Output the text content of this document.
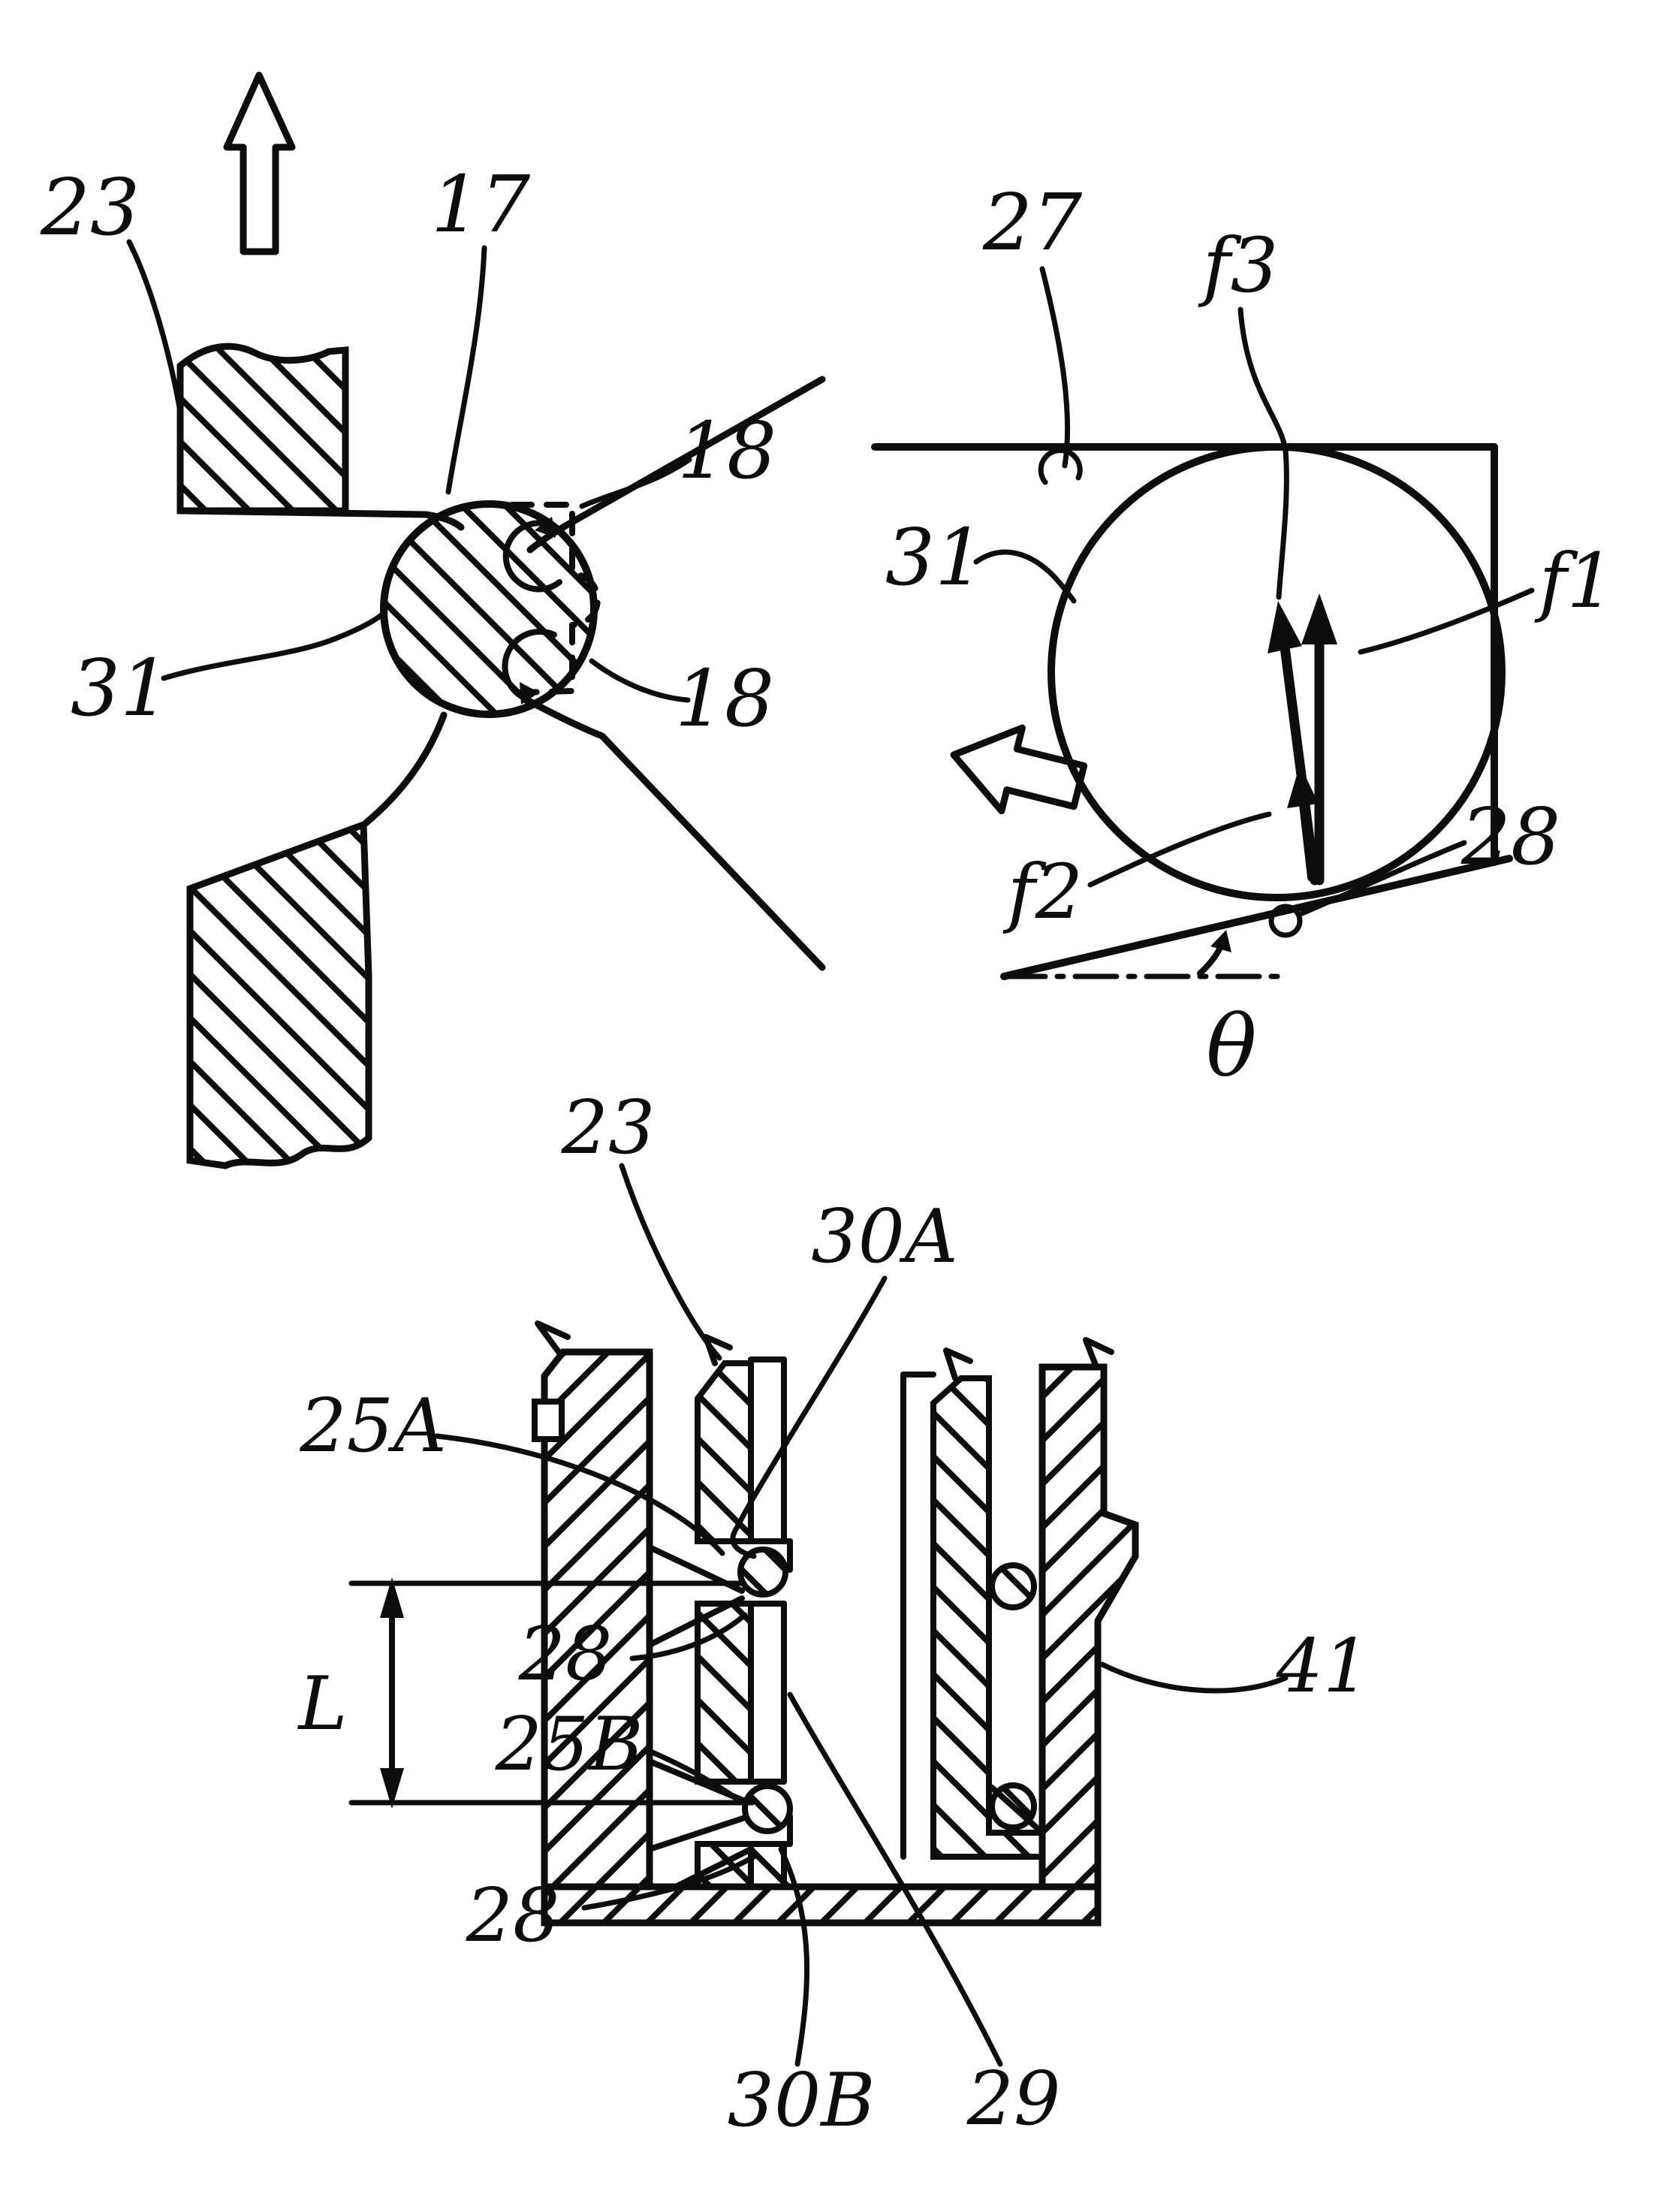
23	17
18
18
31
27 f3
f1
f2
31
28
θ
23
30A
25A
28
L 25B
28
30B 29
41
